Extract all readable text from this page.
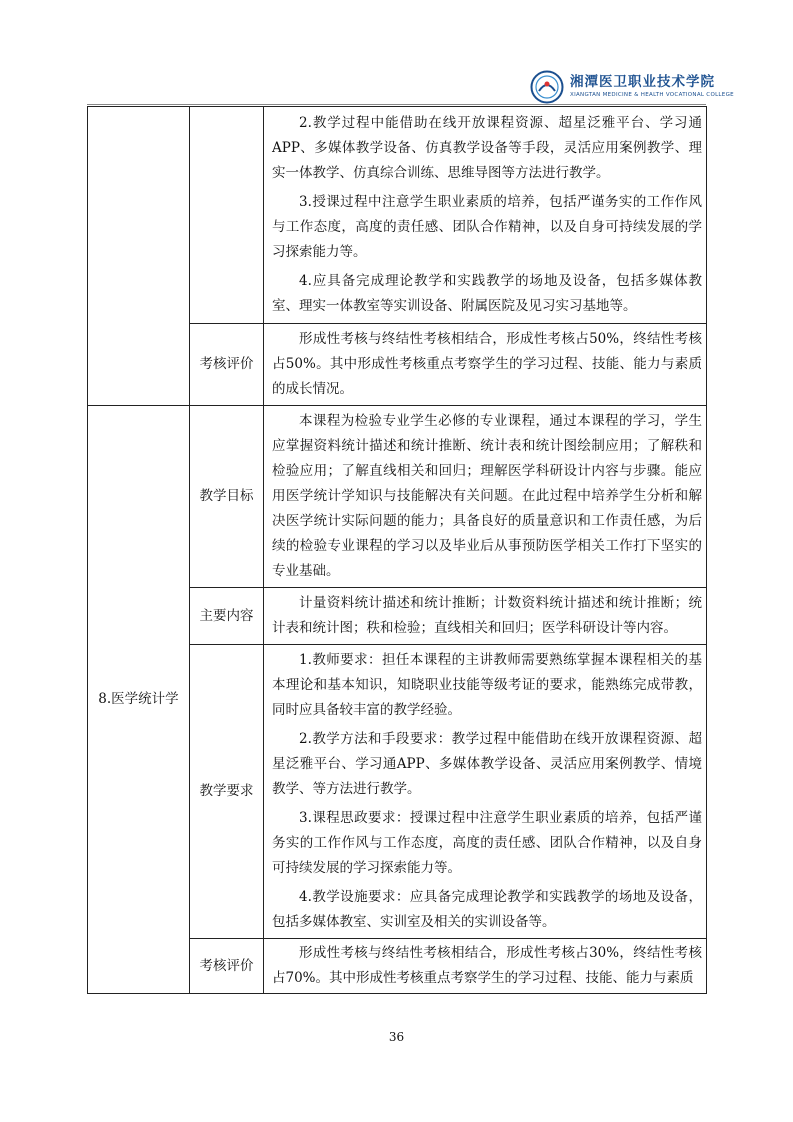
湘潭医卫职业技术学院
XIANGTAN MEDICINE & HEALTH VOCATIONAL COLLEGE

		2.教学过程中能借助在线开放课程资源、超星泛雅平台、学习通APP、多媒体教学设备、仿真教学设备等手段，灵活应用案例教学、理实一体教学、仿真综合训练、思维导图等方法进行教学。

3.授课过程中注意学生职业素质的培养，包括严谨务实的工作作风与工作态度，高度的责任感、团队合作精神，以及自身可持续发展的学习探索能力等。

4.应具备完成理论教学和实践教学的场地及设备，包括多媒体教室、理实一体教室等实训设备、附属医院及见习实习基地等。

	考核评价	形成性考核与终结性考核相结合，形成性考核占50%，终结性考核占50%。其中形成性考核重点考察学生的学习过程、技能、能力与素质的成长情况。

8.医学统计学	教学目标	本课程为检验专业学生必修的专业课程，通过本课程的学习，学生应掌握资料统计描述和统计推断、统计表和统计图绘制应用；了解秩和检验应用；了解直线相关和回归；理解医学科研设计内容与步骤。能应用医学统计学知识与技能解决有关问题。在此过程中培养学生分析和解决医学统计实际问题的能力；具备良好的质量意识和工作责任感，为后续的检验专业课程的学习以及毕业后从事预防医学相关工作打下坚实的专业基础。

	主要内容	计量资料统计描述和统计推断；计数资料统计描述和统计推断；统计表和统计图；秩和检验；直线相关和回归；医学科研设计等内容。

	教学要求	1.教师要求：担任本课程的主讲教师需要熟练掌握本课程相关的基本理论和基本知识，知晓职业技能等级考证的要求，能熟练完成带教，同时应具备较丰富的教学经验。

2.教学方法和手段要求：教学过程中能借助在线开放课程资源、超星泛雅平台、学习通APP、多媒体教学设备、灵活应用案例教学、情境教学、等方法进行教学。

3.课程思政要求：授课过程中注意学生职业素质的培养，包括严谨务实的工作作风与工作态度，高度的责任感、团队合作精神，以及自身可持续发展的学习探索能力等。

4.教学设施要求：应具备完成理论教学和实践教学的场地及设备，包括多媒体教室、实训室及相关的实训设备等。

	考核评价	形成性考核与终结性考核相结合，形成性考核占30%，终结性考核占70%。其中形成性考核重点考察学生的学习过程、技能、能力与素质

36
